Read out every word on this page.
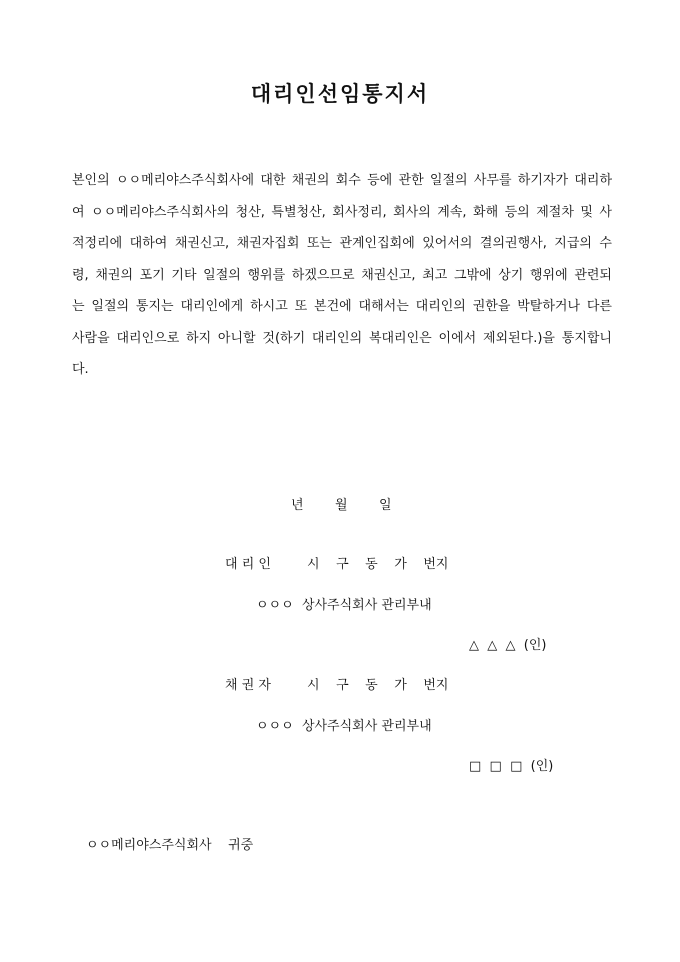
대리인선임통지서
본인의 ㅇㅇ메리야스주식회사에 대한 채권의 회수 등에 관한 일절의 사무를 하기자가 대리하
여 ㅇㅇ메리야스주식회사의 청산, 특별청산, 회사정리, 회사의 계속, 화해 등의 제절차 및 사
적정리에 대하여 채권신고, 채권자집회 또는 관계인집회에 있어서의 결의권행사, 지급의 수
령, 채권의 포기 기타 일절의 행위를 하겠으므로 채권신고, 최고 그밖에 상기 행위에 관련되
는 일절의 통지는 대리인에게 하시고 또 본건에 대해서는 대리인의 권한을 박탈하거나 다른
사람을 대리인으로 하지 아니할 것(하기 대리인의 복대리인은 이에서 제외된다.)을 통지합니
다.
년 월 일
대 리 인	시    구    동    가    번지
ㅇㅇㅇ  상사주식회사 관리부내
△  △  △  (인)
채 권 자	시    구    동    가    번지
ㅇㅇㅇ  상사주식회사 관리부내
□  □  □  (인)
ㅇㅇ메리야스주식회사    귀중
